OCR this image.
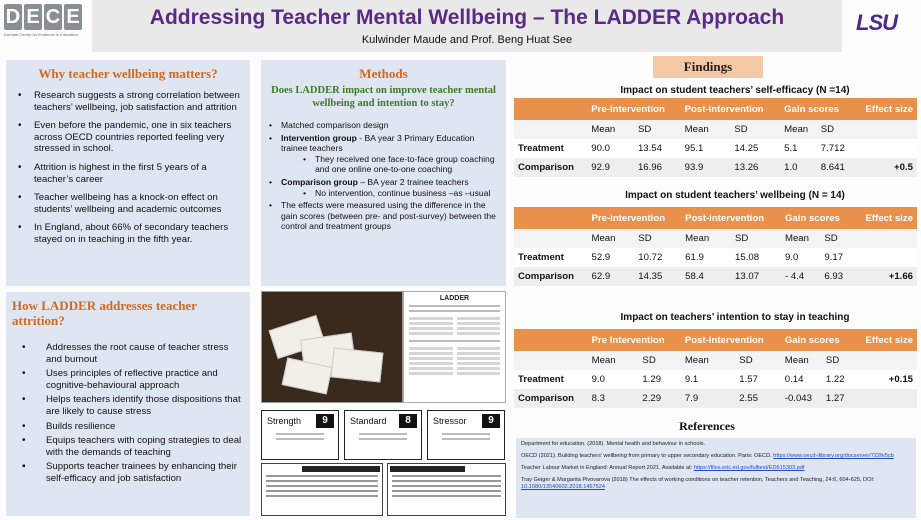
D E C E
Durham Centre for Evidence in Education
Addressing Teacher Mental Wellbeing – The LADDER Approach
Kulwinder Maude and Prof. Beng Huat See
LSU
Why teacher wellbeing matters?
• Research suggests a strong correlation between teachers’ wellbeing, job satisfaction and attrition
• Even before the pandemic, one in six teachers across OECD countries reported feeling very stressed in school.
• Attrition is highest in the first 5 years of a teacher’s career
• Teacher wellbeing has a knock-on effect on students’ wellbeing and academic outcomes
• In England, about 66% of secondary teachers stayed on in teaching in the fifth year.
How LADDER addresses teacher attrition?
• Addresses the root cause of teacher stress and burnout
• Uses principles of reflective practice and cognitive-behavioural approach
• Helps teachers identify those dispositions that are likely to cause stress
• Builds resilience
• Equips teachers with coping strategies to deal with the demands of teaching
▪ Supports teacher trainees by enhancing their self-efficacy and job satisfaction
Methods
Does LADDER impact on improve teacher mental wellbeing and intention to stay?
• Matched comparison design
• Intervention group - BA year 3 Primary Education trainee teachers
• They received one face-to-face group coaching and one online one-to-one coaching
• Comparison group – BA year 2 trainee teachers
• No intervention, continue business –as –usual
• The effects were measured using the difference in the gain scores (between pre- and post-survey) between the control and treatment groups
LADDER
Strength	9	Standard	8	Stressor	9
Findings
Impact on student teachers’ self-efficacy (N =14)
	Pre-intervention		Post-intervention		Gain scores		Effect size
	Mean	SD	Mean	SD	Mean	SD	
Treatment	90.0	13.54	95.1	14.25	5.1	7.712	
Comparison	92.9	16.96	93.9	13.26	1.0	8.641	+0.5
Impact on student teachers’ wellbeing (N = 14)
	Pre-intervention		Post-intervention		Gain scores		Effect size
	Mean	SD	Mean	SD	Mean	SD	
Treatment	52.9	10.72	61.9	15.08	9.0	9.17	
Comparison	62.9	14.35	58.4	13.07	- 4.4	6.93	+1.66
Impact on teachers’ intention to stay in teaching
	Pre Intervention		Post-intervention		Gain scores		Effect size
	Mean	SD	Mean	SD	Mean	SD	
Treatment	9.0	1.29	9.1	1.57	0.14	1.22	+0.15
Comparison	8.3	2.29	7.9	2.55	-0.043	1.27	
References

Department for education. (2018). Mental health and behaviour in schools.

OECD (2021). Building teachers’ wellbeing from primary to upper secondary education. Paris: OECD. https://www.oecd-ilibrary.org/docserver/722fe5cb

Teacher Labour Market in England: Annual Report 2021. Available at: https://files.eric.ed.gov/fulltext/ED615303.pdf

Tray Geiger & Margarita Pivovarova (2018) The effects of working conditions on teacher retention, Teachers and Teaching, 24:6, 604-625, DOI: 10.1080/13540602.2018.1457524
